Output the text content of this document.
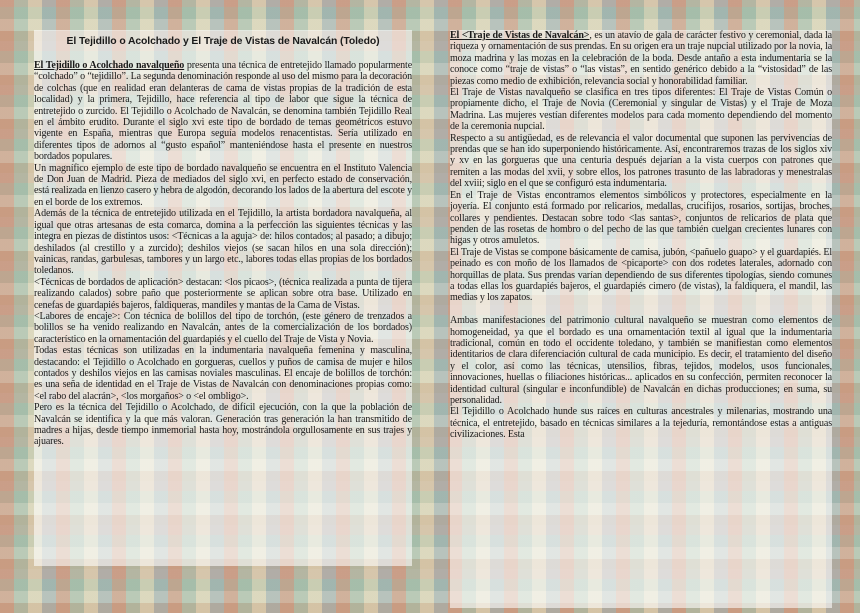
El Tejidillo o Acolchado y El Traje de Vistas de Navalcán (Toledo)

El Tejidillo o Acolchado navalqueño presenta una técnica de entretejido llamado popularmente “colchado” o “tejidillo”. La segunda denominación responde al uso del mismo para la decoración de colchas (que en realidad eran delanteras de cama de vistas propias de la tradición de esta localidad) y la primera, Tejidillo, hace referencia al tipo de labor que sigue la técnica de entretejido o zurcido. El Tejidillo o Acolchado de Navalcán, se denomina también Tejidillo Real en el ámbito erudito. Durante el siglo xvi este tipo de bordado de temas geométricos estuvo vigente en España, mientras que Europa seguía modelos renacentistas. Sería utilizado en diferentes tipos de adornos al “gusto español” manteniéndose hasta el presente en nuestros bordados populares.

Un magnífico ejemplo de este tipo de bordado navalqueño se encuentra en el Instituto Valencia de Don Juan de Madrid. Pieza de mediados del siglo xvi, en perfecto estado de conservación, está realizada en lienzo casero y hebra de algodón, decorando los lados de la abertura del escote y en el borde de los extremos.

Además de la técnica de entretejido utilizada en el Tejidillo, la artista bordadora navalqueña, al igual que otras artesanas de esta comarca, domina a la perfección las siguientes técnicas y las integra en piezas de distintos usos: <Técnicas a la aguja> de: hilos contados; al pasado; a dibujo; deshilados (al crestillo y a zurcido); deshilos viejos (se sacan hilos en una sola dirección); vainicas, randas, garbulesas, tambores y un largo etc., labores todas ellas propias de los bordados toledanos.

<Técnicas de bordados de aplicación> destacan: <los picaos>, (técnica realizada a punta de tijera realizando calados) sobre paño que posteriormente se aplican sobre otra base. Utilizado en cenefas de guardapiés bajeros, faldiqueras, mandiles y mantas de la Cama de Vistas.

<Labores de encaje>: Con técnica de bolillos del tipo de torchón, (este género de trenzados a bolillos se ha venido realizando en Navalcán, antes de la comercialización de los bordados) característico en la ornamentación del guardapiés y el cuello del Traje de Vista y Novia.

Todas estas técnicas son utilizadas en la indumentaria navalqueña femenina y masculina, destacando: el Tejidillo o Acolchado en gorgueras, cuellos y puños de camisa de mujer e hilos contados y deshilos viejos en las camisas noviales masculinas. El encaje de bolillos de torchón: es una seña de identidad en el Traje de Vistas de Navalcán con denominaciones propias como: <el rabo del alacrán>, <los morgaños> o <el ombligo>.

Pero es la técnica del Tejidillo o Acolchado, de difícil ejecución, con la que la población de Navalcán se identifica y la que más valoran. Generación tras generación la han transmitido de madres a hijas, desde tiempo inmemorial hasta hoy, mostrándola orgullosamente en sus trajes y ajuares.

El <Traje de Vistas de Navalcán>, es un atavío de gala de carácter festivo y ceremonial, dada la riqueza y ornamentación de sus prendas. En su origen era un traje nupcial utilizado por la novia, la moza madrina y las mozas en la celebración de la boda. Desde antaño a esta indumentaria se la conoce como “traje de vistas” o “las vistas”, en sentido genérico debido a la “vistosidad” de las piezas como medio de exhibición, relevancia social y honorabilidad familiar.

El Traje de Vistas navalqueño se clasifica en tres tipos diferentes: El Traje de Vistas Común o propiamente dicho, el Traje de Novia (Ceremonial y singular de Vistas) y el Traje de Moza Madrina. Las mujeres vestían diferentes modelos para cada momento dependiendo del momento de la ceremonia nupcial.

Respecto a su antigüedad, es de relevancia el valor documental que suponen las pervivencias de prendas que se han ido superponiendo históricamente. Así, encontraremos trazas de los siglos xiv y xv en las gorgueras que una centuria después dejarían a la vista cuerpos con patrones que remiten a las modas del xvii, y sobre ellos, los patrones trasunto de las labradoras y menestralas del xviii; siglo en el que se configuró esta indumentaria.

En el Traje de Vistas encontramos elementos simbólicos y protectores, especialmente en la joyería. El conjunto está formado por relicarios, medallas, crucifijos, rosarios, sortijas, broches, collares y pendientes. Destacan sobre todo <las santas>, conjuntos de relicarios de plata que penden de las rosetas de hombro o del pecho de las que también cuelgan crecientes lunares con higas y otros amuletos.

El Traje de Vistas se compone básicamente de camisa, jubón, <pañuelo guapo> y el guardapiés. El peinado es con moño de los llamados de <picaporte> con dos rodetes laterales, adornado con horquillas de plata. Sus prendas varían dependiendo de sus diferentes tipologías, siendo comunes a todas ellas los guardapiés bajeros, el guardapiés cimero (de vistas), la faldiquera, el mandil, las medias y los zapatos.

Ambas manifestaciones del patrimonio cultural navalqueño se muestran como elementos de homogeneidad, ya que el bordado es una ornamentación textil al igual que la indumentaria tradicional, común en todo el occidente toledano, y también se manifiestan como elementos identitarios de clara diferenciación cultural de cada municipio. Es decir, el tratamiento del diseño y el color, así como las técnicas, utensilios, fibras, tejidos, modelos, usos funcionales, innovaciones, huellas o filiaciones históricas... aplicados en su confección, permiten reconocer la identidad cultural (singular e inconfundible) de Navalcán en dichas producciones; en suma, su personalidad.

El Tejidillo o Acolchado hunde sus raíces en culturas ancestrales y milenarias, mostrando una técnica, el entretejido, basado en técnicas similares a la tejeduría, remontándose estas a antiguas civilizaciones. Esta
